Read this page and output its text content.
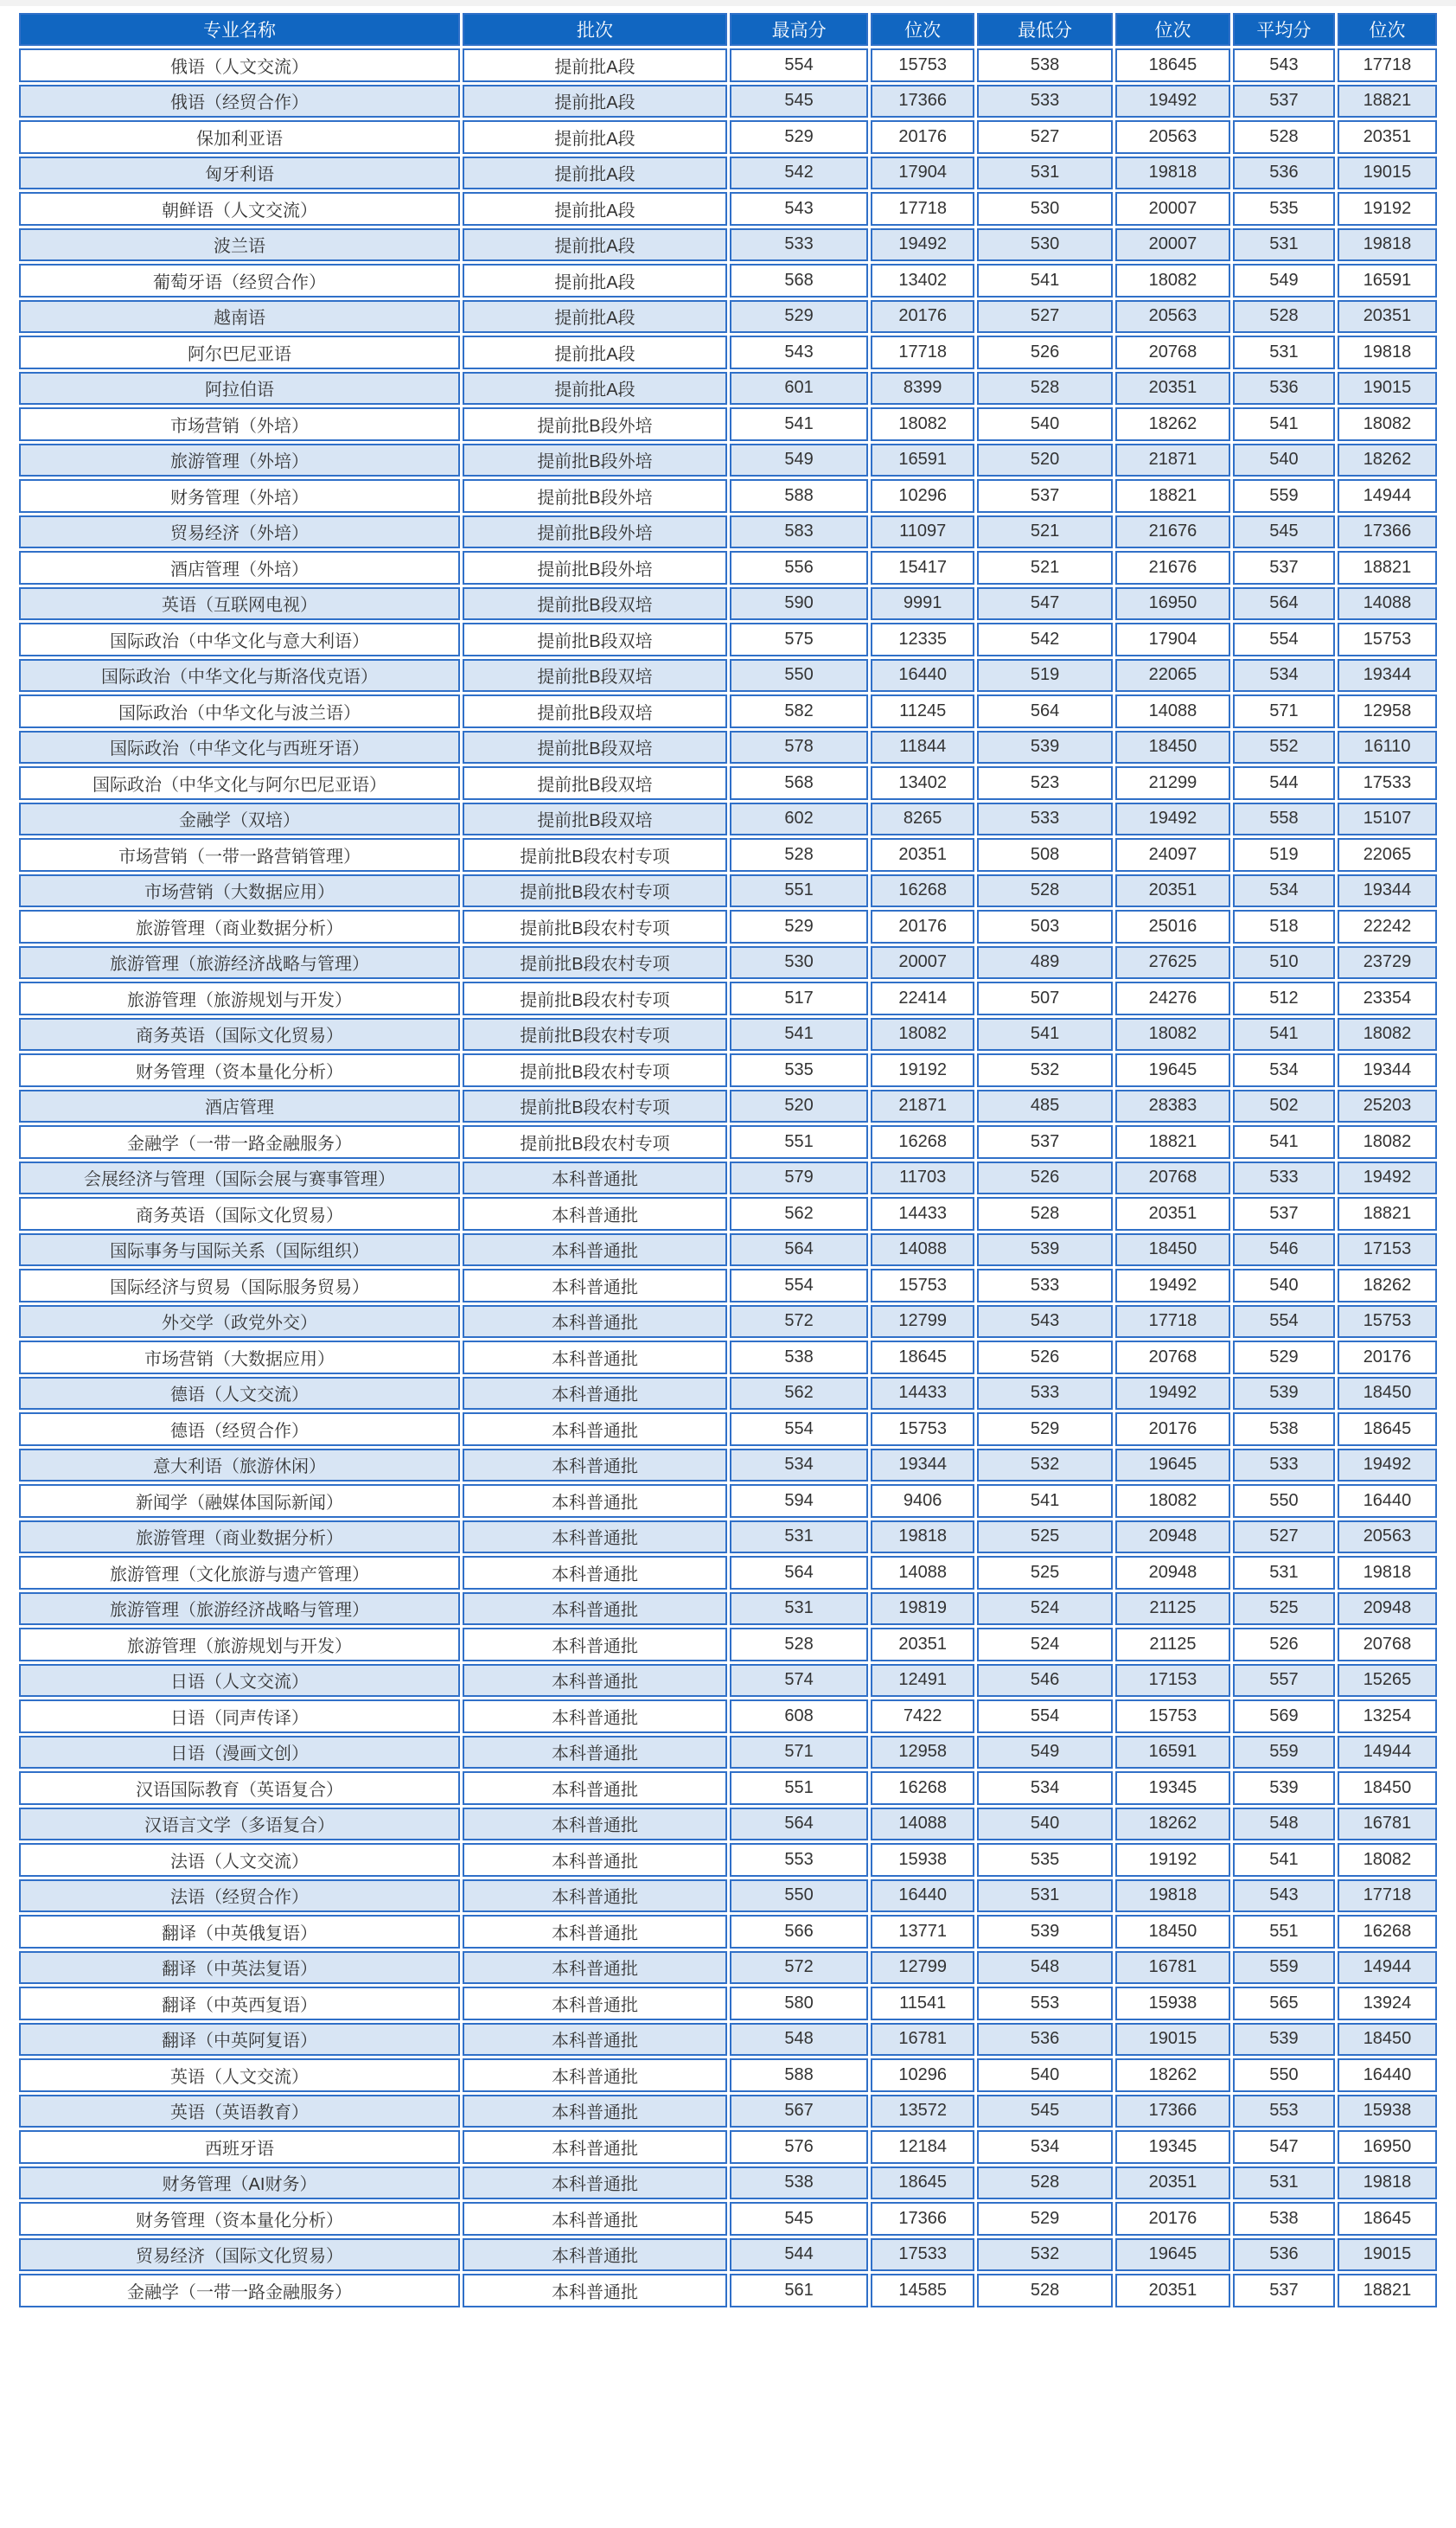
专业名称	批次	最高分	位次	最低分	位次	平均分	位次
俄语（人文交流）	提前批A段	554	15753	538	18645	543	17718
俄语（经贸合作）	提前批A段	545	17366	533	19492	537	18821
保加利亚语	提前批A段	529	20176	527	20563	528	20351
匈牙利语	提前批A段	542	17904	531	19818	536	19015
朝鲜语（人文交流）	提前批A段	543	17718	530	20007	535	19192
波兰语	提前批A段	533	19492	530	20007	531	19818
葡萄牙语（经贸合作）	提前批A段	568	13402	541	18082	549	16591
越南语	提前批A段	529	20176	527	20563	528	20351
阿尔巴尼亚语	提前批A段	543	17718	526	20768	531	19818
阿拉伯语	提前批A段	601	8399	528	20351	536	19015
市场营销（外培）	提前批B段外培	541	18082	540	18262	541	18082
旅游管理（外培）	提前批B段外培	549	16591	520	21871	540	18262
财务管理（外培）	提前批B段外培	588	10296	537	18821	559	14944
贸易经济（外培）	提前批B段外培	583	11097	521	21676	545	17366
酒店管理（外培）	提前批B段外培	556	15417	521	21676	537	18821
英语（互联网电视）	提前批B段双培	590	9991	547	16950	564	14088
国际政治（中华文化与意大利语）	提前批B段双培	575	12335	542	17904	554	15753
国际政治（中华文化与斯洛伐克语）	提前批B段双培	550	16440	519	22065	534	19344
国际政治（中华文化与波兰语）	提前批B段双培	582	11245	564	14088	571	12958
国际政治（中华文化与西班牙语）	提前批B段双培	578	11844	539	18450	552	16110
国际政治（中华文化与阿尔巴尼亚语）	提前批B段双培	568	13402	523	21299	544	17533
金融学（双培）	提前批B段双培	602	8265	533	19492	558	15107
市场营销（一带一路营销管理）	提前批B段农村专项	528	20351	508	24097	519	22065
市场营销（大数据应用）	提前批B段农村专项	551	16268	528	20351	534	19344
旅游管理（商业数据分析）	提前批B段农村专项	529	20176	503	25016	518	22242
旅游管理（旅游经济战略与管理）	提前批B段农村专项	530	20007	489	27625	510	23729
旅游管理（旅游规划与开发）	提前批B段农村专项	517	22414	507	24276	512	23354
商务英语（国际文化贸易）	提前批B段农村专项	541	18082	541	18082	541	18082
财务管理（资本量化分析）	提前批B段农村专项	535	19192	532	19645	534	19344
酒店管理	提前批B段农村专项	520	21871	485	28383	502	25203
金融学（一带一路金融服务）	提前批B段农村专项	551	16268	537	18821	541	18082
会展经济与管理（国际会展与赛事管理）	本科普通批	579	11703	526	20768	533	19492
商务英语（国际文化贸易）	本科普通批	562	14433	528	20351	537	18821
国际事务与国际关系（国际组织）	本科普通批	564	14088	539	18450	546	17153
国际经济与贸易（国际服务贸易）	本科普通批	554	15753	533	19492	540	18262
外交学（政党外交）	本科普通批	572	12799	543	17718	554	15753
市场营销（大数据应用）	本科普通批	538	18645	526	20768	529	20176
德语（人文交流）	本科普通批	562	14433	533	19492	539	18450
德语（经贸合作）	本科普通批	554	15753	529	20176	538	18645
意大利语（旅游休闲）	本科普通批	534	19344	532	19645	533	19492
新闻学（融媒体国际新闻）	本科普通批	594	9406	541	18082	550	16440
旅游管理（商业数据分析）	本科普通批	531	19818	525	20948	527	20563
旅游管理（文化旅游与遗产管理）	本科普通批	564	14088	525	20948	531	19818
旅游管理（旅游经济战略与管理）	本科普通批	531	19819	524	21125	525	20948
旅游管理（旅游规划与开发）	本科普通批	528	20351	524	21125	526	20768
日语（人文交流）	本科普通批	574	12491	546	17153	557	15265
日语（同声传译）	本科普通批	608	7422	554	15753	569	13254
日语（漫画文创）	本科普通批	571	12958	549	16591	559	14944
汉语国际教育（英语复合）	本科普通批	551	16268	534	19345	539	18450
汉语言文学（多语复合）	本科普通批	564	14088	540	18262	548	16781
法语（人文交流）	本科普通批	553	15938	535	19192	541	18082
法语（经贸合作）	本科普通批	550	16440	531	19818	543	17718
翻译（中英俄复语）	本科普通批	566	13771	539	18450	551	16268
翻译（中英法复语）	本科普通批	572	12799	548	16781	559	14944
翻译（中英西复语）	本科普通批	580	11541	553	15938	565	13924
翻译（中英阿复语）	本科普通批	548	16781	536	19015	539	18450
英语（人文交流）	本科普通批	588	10296	540	18262	550	16440
英语（英语教育）	本科普通批	567	13572	545	17366	553	15938
西班牙语	本科普通批	576	12184	534	19345	547	16950
财务管理（AI财务）	本科普通批	538	18645	528	20351	531	19818
财务管理（资本量化分析）	本科普通批	545	17366	529	20176	538	18645
贸易经济（国际文化贸易）	本科普通批	544	17533	532	19645	536	19015
金融学（一带一路金融服务）	本科普通批	561	14585	528	20351	537	18821
